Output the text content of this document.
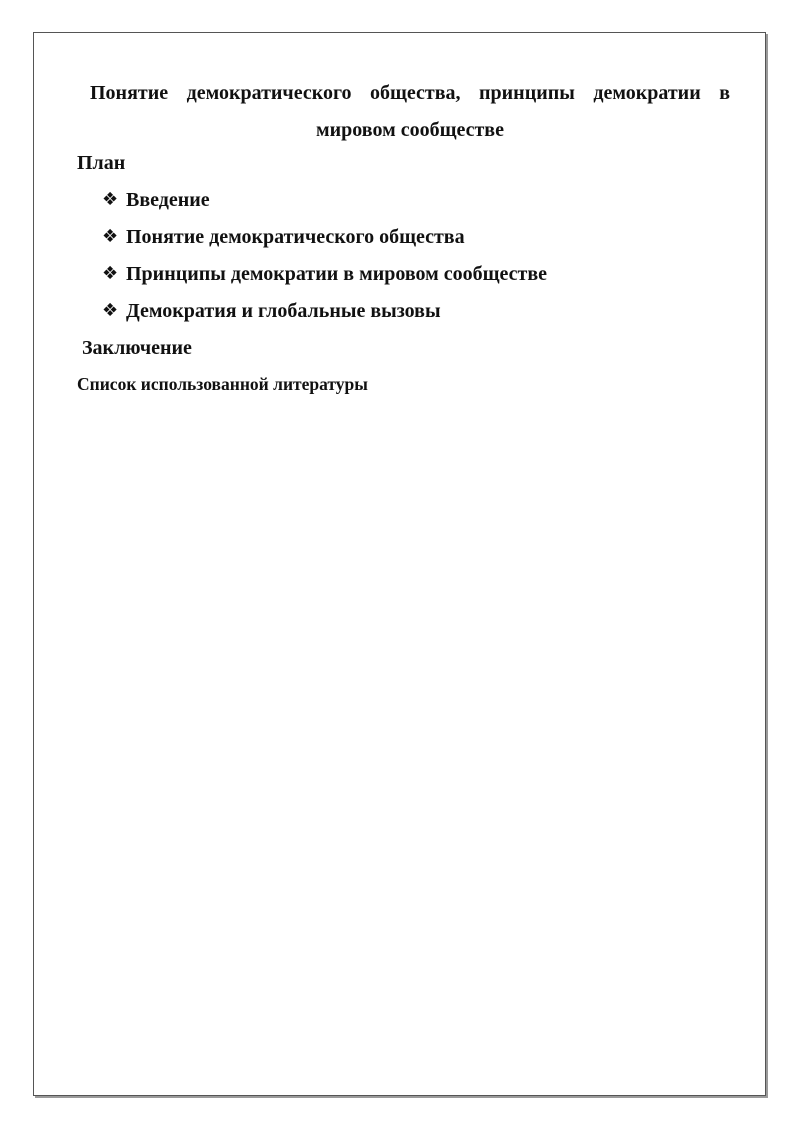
Понятие демократического общества, принципы демократии в мировом сообществе

План

❖ Введение
❖ Понятие демократического общества
❖ Принципы демократии в мировом сообществе
❖ Демократия и глобальные вызовы

Заключение

Список использованной литературы
